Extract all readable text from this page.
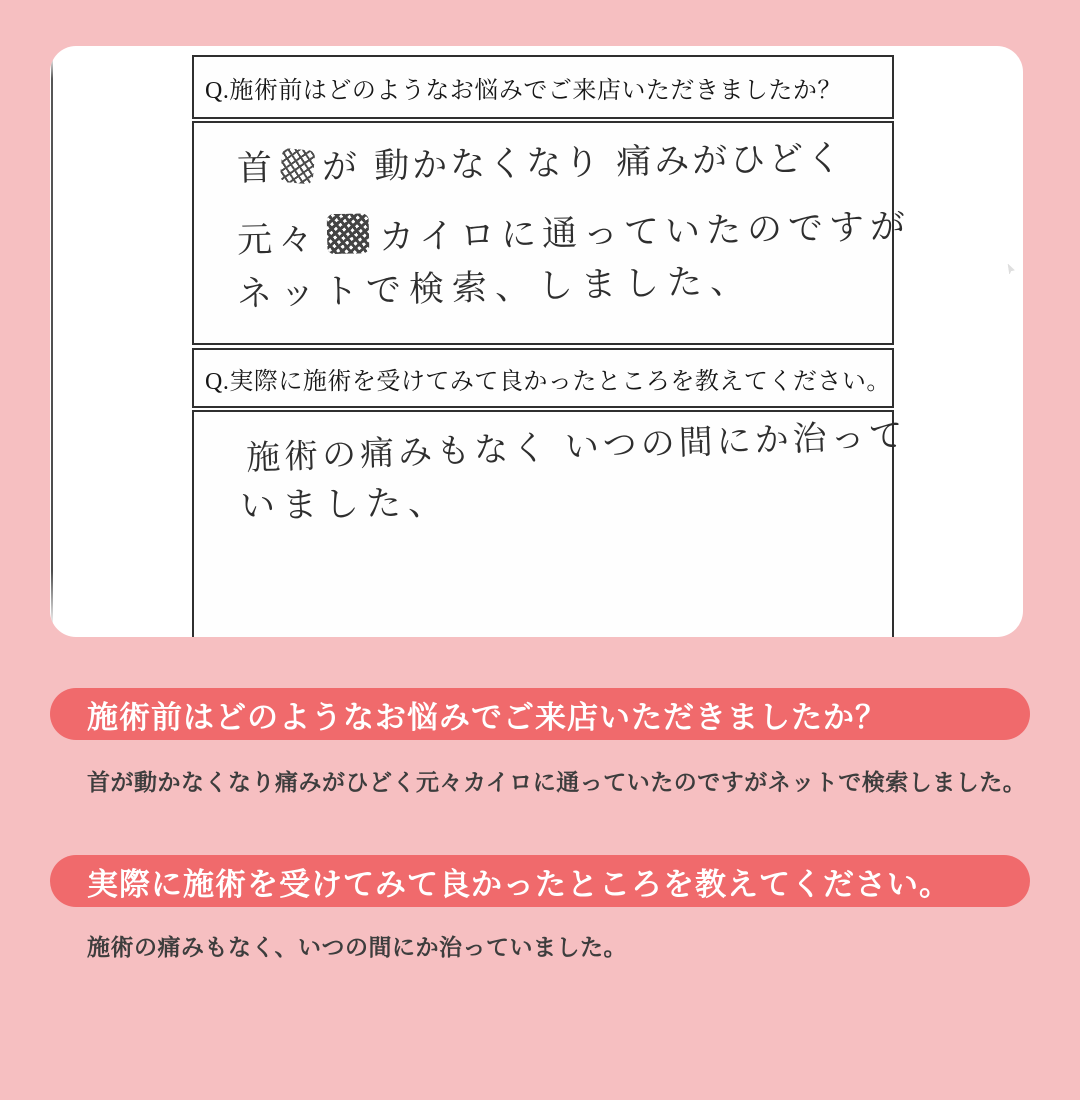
Q.施術前はどのようなお悩みでご来店いただきましたか？
首 が 動かなくなり 痛みがひどく
元々 カイロに通っていたのですが
ネットで検索、しました、
Q.実際に施術を受けてみて良かったところを教えてください。
施術の痛みもなく いつの間にか治って
いました、
施術前はどのようなお悩みでご来店いただきましたか？

首が動かなくなり痛みがひどく元々カイロに通っていたのですがネットで検索しました。

実際に施術を受けてみて良かったところを教えてください。

施術の痛みもなく、いつの間にか治っていました。
